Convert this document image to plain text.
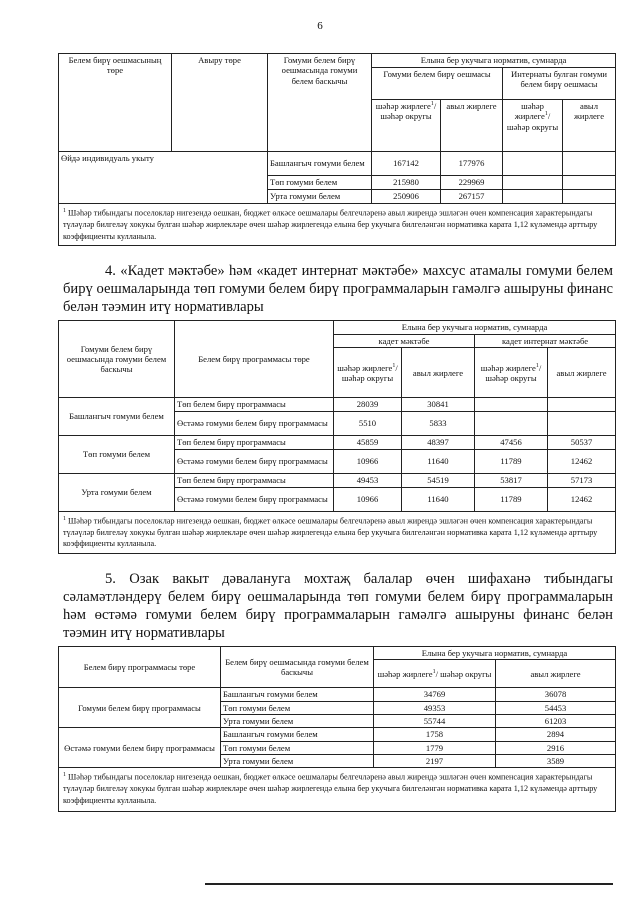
6
Белем бирү оешмасының төре	Авыру төре	Гомуми белем бирү оешмасында гомуми белем баскычы	Елына бер укучыга норматив, сумнарда			
			Гомуми белем бирү оешмасы		Интернаты булган гомуми белем бирү оешмасы	
			шәһәр жирлеге$^1$/ шәһәр округы	авыл жирлеге	шәһәр жирлеге$^1$/ шәһәр округы	авыл жирлеге
Өйдә индивидуаль укыту		Башлангыч гомуми белем	167142	177976		
		Төп гомуми белем	215980	229969		
		Урта гомуми белем	250906	267157		
$^1$ Шәһәр тибындагы поселоклар нигезендә оешкан, бюджет өлкәсе оешмалары белгечләренә авыл жирендә эшләгән өчен компенсация характерындагы түләүләр билгеләү хокукы булган шәһәр жирлекләре өчен шәһәр жирлегендә елына бер укучыга билгеләнгән нормативка карата 1,12 күләмендә арттыру коэффициенты кулланыла.						
4. «Кадет мәктәбе» һәм «кадет интернат мәктәбе» махсус атамалы гомуми белем бирү оешмаларында төп гомуми белем бирү программаларын гамәлгә ашыруны финанс белән тәэмин итү нормативлары
Гомуми белем бирү оешмасында гомуми белем баскычы	Белем бирү программасы төре	Елына бер укучыга норматив, сумнарда			
		кадет мәктәбе		кадет интернат мәктәбе	
		шәһәр жирлеге$^1$/ шәһәр округы	авыл жирлеге	шәһәр жирлеге$^1$/ шәһәр округы	авыл жирлеге
Башлангыч гомуми белем	Төп белем бирү программасы	28039	30841		
	Өстәмә гомуми белем бирү программасы	5510	5833		
Төп гомуми белем	Төп белем бирү программасы	45859	48397	47456	50537
	Өстәмә гомуми белем бирү программасы	10966	11640	11789	12462
Урта гомуми белем	Төп белем бирү программасы	49453	54519	53817	57173
	Өстәмә гомуми белем бирү программасы	10966	11640	11789	12462
$^1$ Шәһәр тибындагы поселоклар нигезендә оешкан, бюджет өлкәсе оешмалары белгечләренә авыл жирендә эшләгән өчен компенсация характерындагы түләүләр билгеләү хокукы булган шәһәр жирлекләре өчен шәһәр жирлегендә елына бер укучыга билгеләнгән нормативка карата 1,12 күләмендә арттыру коэффициенты кулланыла.					
5. Озак вакыт дәвалануга мохтаҗ балалар өчен шифаханә тибындагы сәламәтләндерү белем бирү оешмаларында төп гомуми белем бирү программаларын һәм өстәмә гомуми белем бирү программаларын гамәлгә ашыруны финанс белән тәэмин итү нормативлары
Белем бирү программасы төре	Белем бирү оешмасында гомуми белем баскычы	Елына бер укучыга норматив, сумнарда	
		шәһәр жирлеге$^1$/ шәһәр округы	авыл жирлеге
Гомуми белем бирү программасы	Башлангыч гомуми белем	34769	36078
	Төп гомуми белем	49353	54453
	Урта гомуми белем	55744	61203
Өстәмә гомуми белем бирү программасы	Башлангыч гомуми белем	1758	2894
	Төп гомуми белем	1779	2916
	Урта гомуми белем	2197	3589
$^1$ Шәһәр тибындагы поселоклар нигезендә оешкан, бюджет өлкәсе оешмалары белгечләренә авыл жирендә эшләгән өчен компенсация характерындагы түләүләр билгеләү хокукы булган шәһәр жирлекләре өчен шәһәр жирлегендә елына бер укучыга билгеләнгән нормативка карата 1,12 күләмендә арттыру коэффициенты кулланыла.			
